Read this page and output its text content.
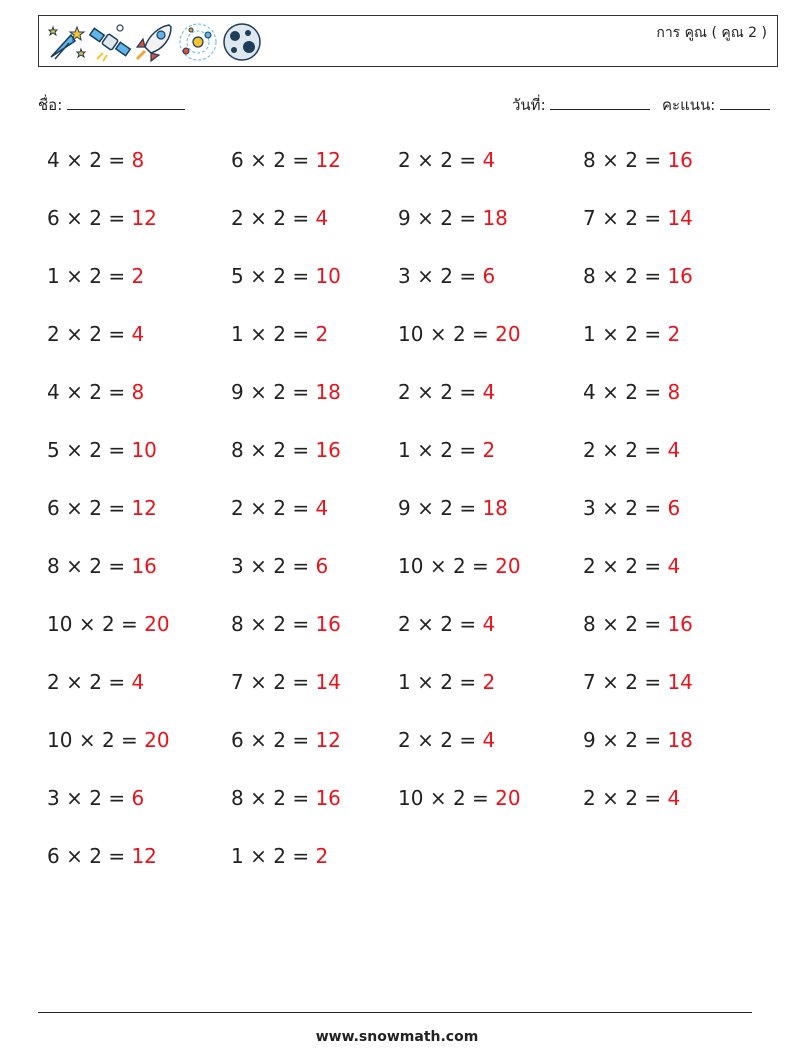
การ คูณ ( คูณ 2 )
ชื่อ:	วันที่:	คะแนน:
4 × 2 = 8	6 × 2 = 12	2 × 2 = 4	8 × 2 = 16
6 × 2 = 12	2 × 2 = 4	9 × 2 = 18	7 × 2 = 14
1 × 2 = 2	5 × 2 = 10	3 × 2 = 6	8 × 2 = 16
2 × 2 = 4	1 × 2 = 2	10 × 2 = 20	1 × 2 = 2
4 × 2 = 8	9 × 2 = 18	2 × 2 = 4	4 × 2 = 8
5 × 2 = 10	8 × 2 = 16	1 × 2 = 2	2 × 2 = 4
6 × 2 = 12	2 × 2 = 4	9 × 2 = 18	3 × 2 = 6
8 × 2 = 16	3 × 2 = 6	10 × 2 = 20	2 × 2 = 4
10 × 2 = 20	8 × 2 = 16	2 × 2 = 4	8 × 2 = 16
2 × 2 = 4	7 × 2 = 14	1 × 2 = 2	7 × 2 = 14
10 × 2 = 20	6 × 2 = 12	2 × 2 = 4	9 × 2 = 18
3 × 2 = 6	8 × 2 = 16	10 × 2 = 20	2 × 2 = 4
6 × 2 = 12	1 × 2 = 2
www.snowmath.com
